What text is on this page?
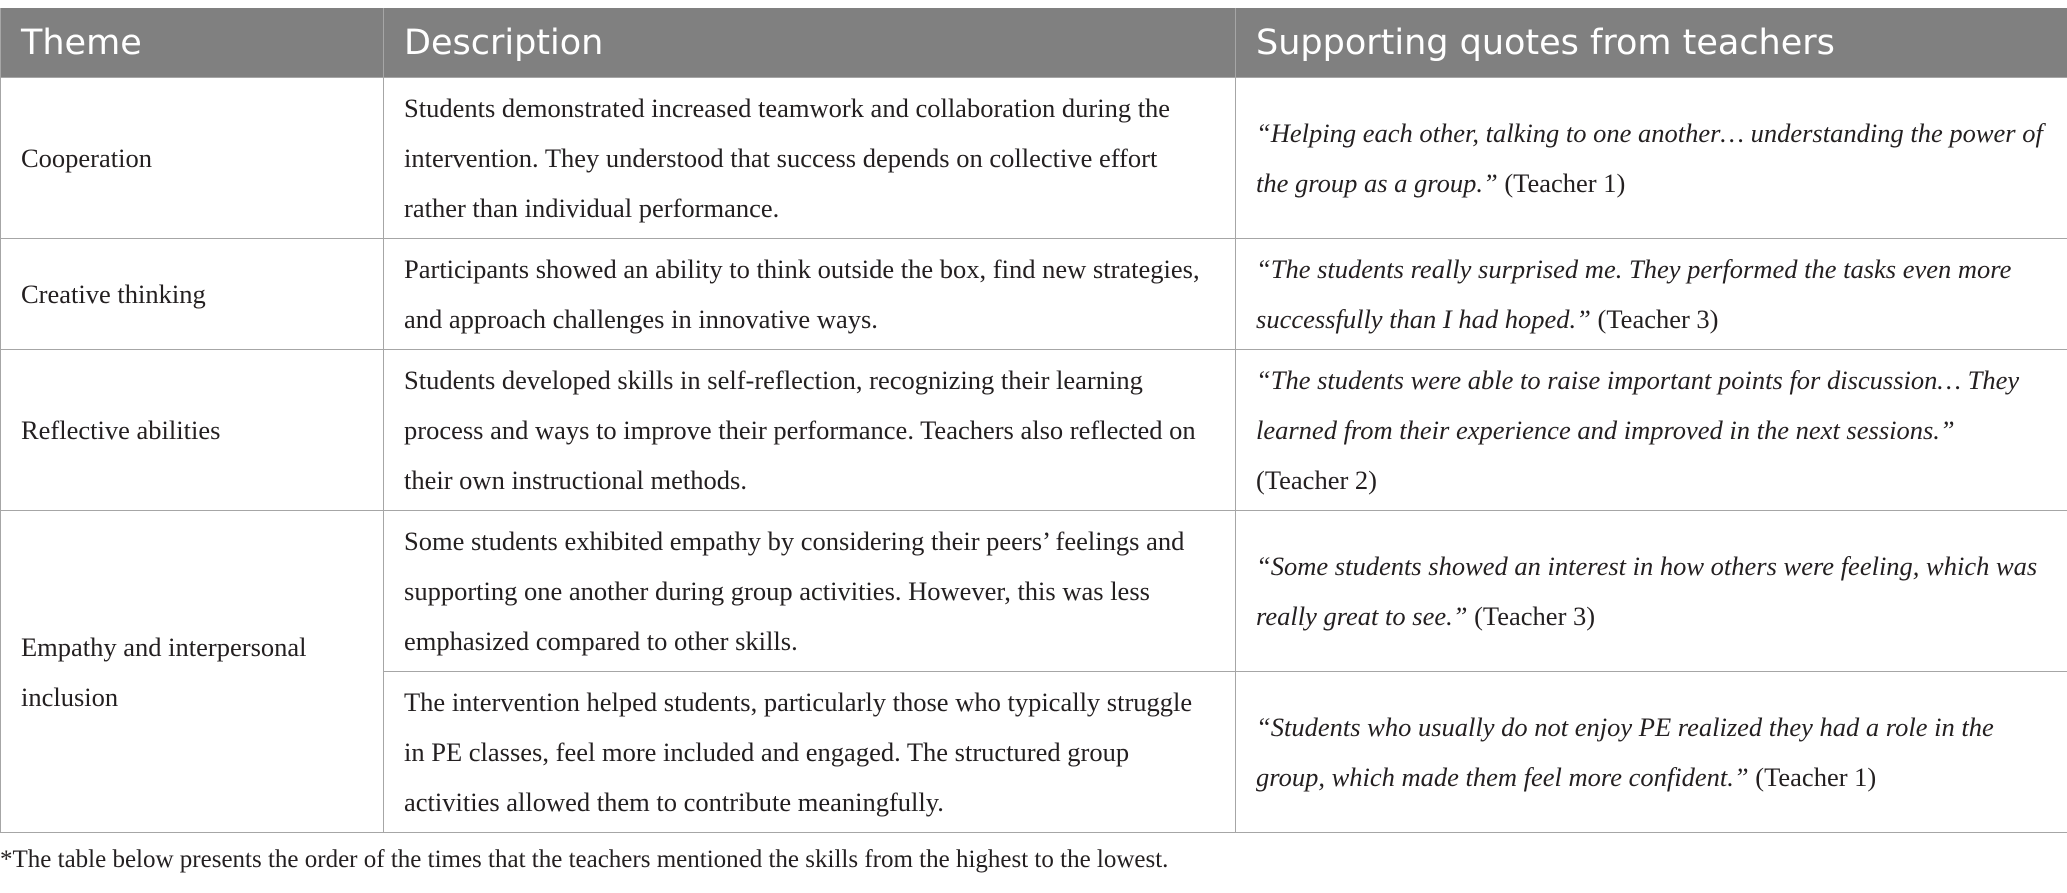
Theme	Description	Supporting quotes from teachers
Cooperation	Students demonstrated increased teamwork and collaboration during the intervention. They understood that success depends on collective effort rather than individual performance.	“Helping each other, talking to one another… understanding the power of the group as a group.” (Teacher 1)
Creative thinking	Participants showed an ability to think outside the box, find new strategies, and approach challenges in innovative ways.	“The students really surprised me. They performed the tasks even more successfully than I had hoped.” (Teacher 3)
Reflective abilities	Students developed skills in self-reflection, recognizing their learning process and ways to improve their performance. Teachers also reflected on their own instructional methods.	“The students were able to raise important points for discussion… They learned from their experience and improved in the next sessions.” (Teacher 2)
Empathy and interpersonal inclusion	Some students exhibited empathy by considering their peers’ feelings and supporting one another during group activities. However, this was less emphasized compared to other skills.	“Some students showed an interest in how others were feeling, which was really great to see.” (Teacher 3)
	The intervention helped students, particularly those who typically struggle in PE classes, feel more included and engaged. The structured group activities allowed them to contribute meaningfully.	“Students who usually do not enjoy PE realized they had a role in the group, which made them feel more confident.” (Teacher 1)
*The table below presents the order of the times that the teachers mentioned the skills from the highest to the lowest.
